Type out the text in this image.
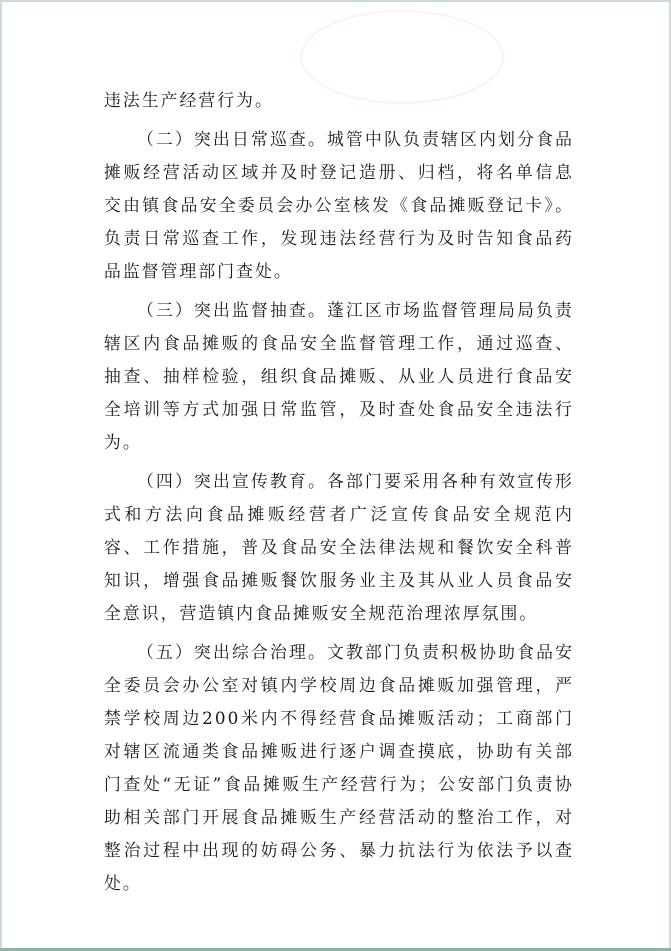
违法生产经营行为。

（二）突出日常巡查。城管中队负责辖区内划分食品摊贩经营活动区域并及时登记造册、归档，将名单信息交由镇食品安全委员会办公室核发《食品摊贩登记卡》。负责日常巡查工作，发现违法经营行为及时告知食品药品监督管理部门查处。

（三）突出监督抽查。蓬江区市场监督管理局局负责辖区内食品摊贩的食品安全监督管理工作，通过巡查、抽查、抽样检验，组织食品摊贩、从业人员进行食品安全培训等方式加强日常监管，及时查处食品安全违法行为。

（四）突出宣传教育。各部门要采用各种有效宣传形式和方法向食品摊贩经营者广泛宣传食品安全规范内容、工作措施，普及食品安全法律法规和餐饮安全科普知识，增强食品摊贩餐饮服务业主及其从业人员食品安全意识，营造镇内食品摊贩安全规范治理浓厚氛围。

（五）突出综合治理。文教部门负责积极协助食品安全委员会办公室对镇内学校周边食品摊贩加强管理，严禁学校周边200米内不得经营食品摊贩活动；工商部门对辖区流通类食品摊贩进行逐户调查摸底，协助有关部门查处“无证”食品摊贩生产经营行为；公安部门负责协助相关部门开展食品摊贩生产经营活动的整治工作，对整治过程中出现的妨碍公务、暴力抗法行为依法予以查处。
